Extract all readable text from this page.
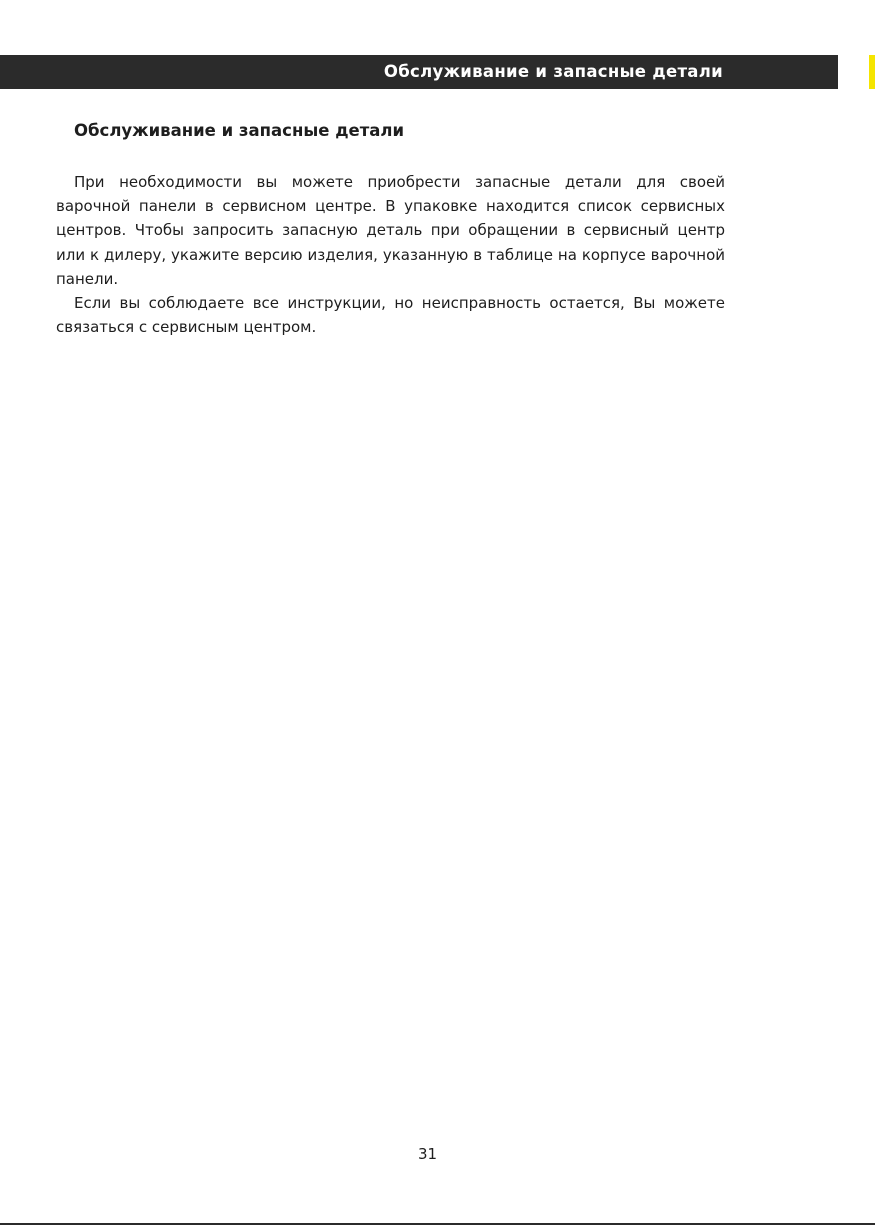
Обслуживание и запасные детали
Обслуживание и запасные детали

При необходимости вы можете приобрести запасные детали для своей варочной панели в сервисном центре. В упаковке находится список сервисных центров. Чтобы запросить запасную деталь при обращении в сервисный центр или к дилеру, укажите версию изделия, указанную в таблице на корпусе варочной панели.

Если вы соблюдаете все инструкции, но неисправность остается, Вы можете связаться с сервисным центром.

31
